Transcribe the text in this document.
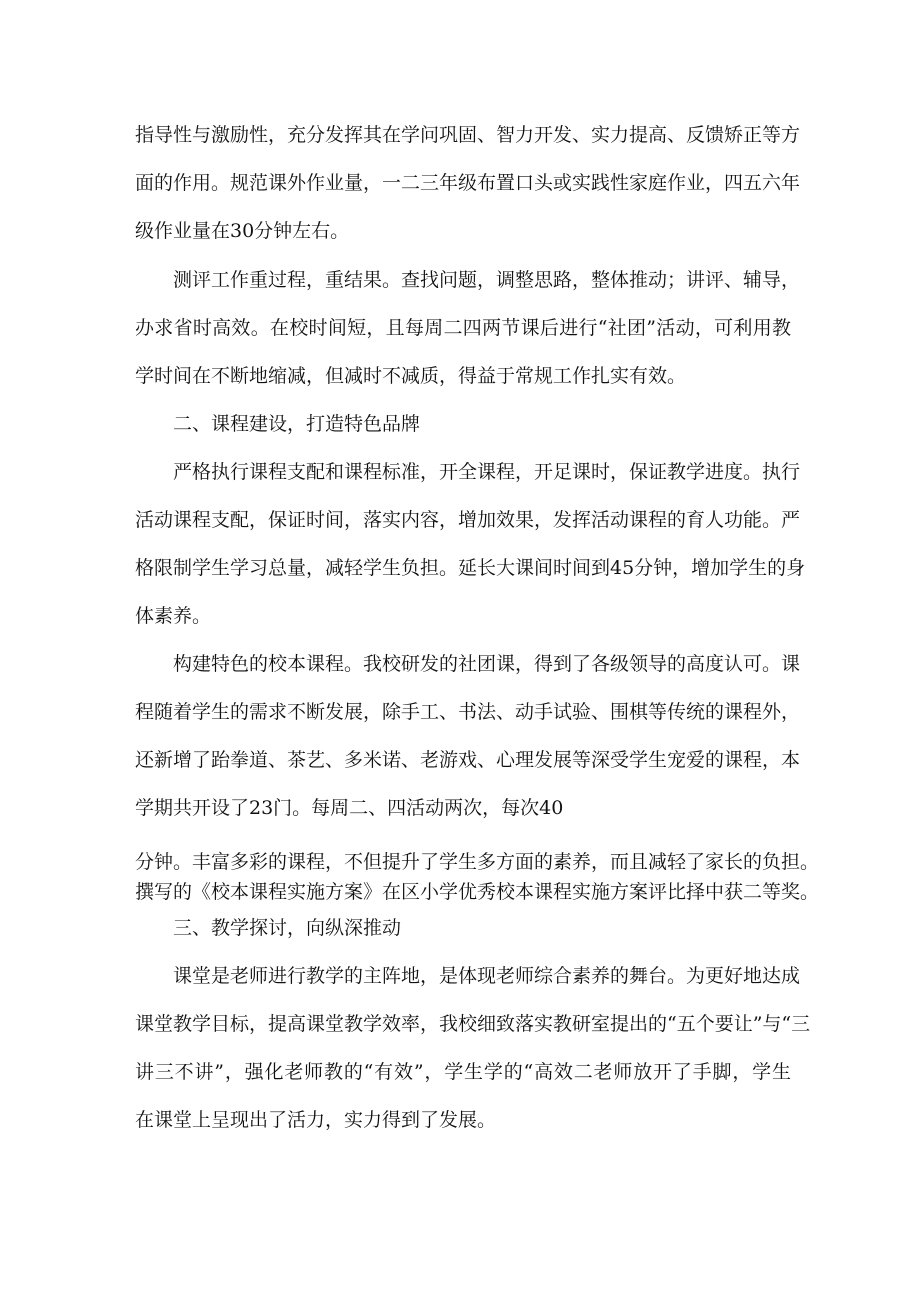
指导性与激励性，充分发挥其在学问巩固、智力开发、实力提高、反馈矫正等方

面的作用。规范课外作业量，一二三年级布置口头或实践性家庭作业，四五六年

级作业量在30分钟左右。

测评工作重过程，重结果。查找问题，调整思路，整体推动；讲评、辅导，

办求省时高效。在校时间短，且每周二四两节课后进行“社团”活动，可利用教

学时间在不断地缩减，但减时不减质，得益于常规工作扎实有效。

二、课程建设，打造特色品牌

严格执行课程支配和课程标准，开全课程，开足课时，保证教学进度。执行

活动课程支配，保证时间，落实内容，增加效果，发挥活动课程的育人功能。严

格限制学生学习总量，减轻学生负担。延长大课间时间到45分钟，增加学生的身

体素养。

构建特色的校本课程。我校研发的社团课，得到了各级领导的高度认可。课

程随着学生的需求不断发展，除手工、书法、动手试验、围棋等传统的课程外，

还新增了跆拳道、茶艺、多米诺、老游戏、心理发展等深受学生宠爱的课程，本

学期共开设了23门。每周二、四活动两次，每次40

分钟。丰富多彩的课程，不但提升了学生多方面的素养，而且减轻了家长的负担。

撰写的《校本课程实施方案》在区小学优秀校本课程实施方案评比择中获二等奖。

三、教学探讨，向纵深推动

课堂是老师进行教学的主阵地，是体现老师综合素养的舞台。为更好地达成

课堂教学目标，提高课堂教学效率，我校细致落实教研室提出的“五个要让”与“三

讲三不讲”，强化老师教的“有效”，学生学的“高效二老师放开了手脚，学生

在课堂上呈现出了活力，实力得到了发展。
